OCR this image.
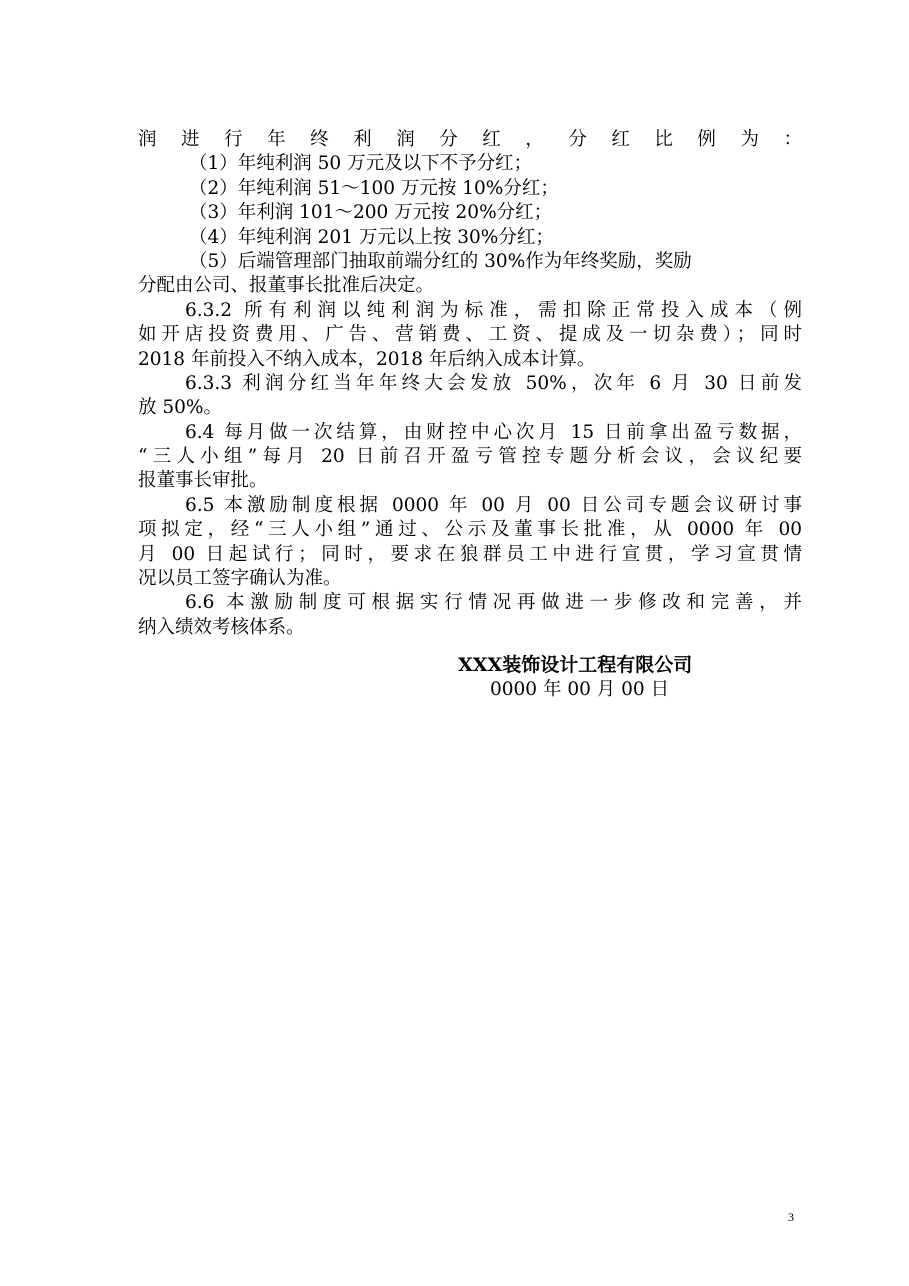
润进行年终利润分红，分红比例为：
（1）年纯利润 50 万元及以下不予分红；
（2）年纯利润 51～100 万元按 10%分红；
（3）年利润 101～200 万元按 20%分红；
（4）年纯利润 201 万元以上按 30%分红；
（5）后端管理部门抽取前端分红的 30%作为年终奖励，奖励
分配由公司、报董事长批准后决定。
6.3.2 所有利润以纯利润为标准，需扣除正常投入成本（例
如开店投资费用、广告、营销费、工资、提成及一切杂费）；同时
2018 年前投入不纳入成本，2018 年后纳入成本计算。
6.3.3 利润分红当年年终大会发放 50%，次年 6 月 30 日前发
放 50%。
6.4 每月做一次结算，由财控中心次月 15 日前拿出盈亏数据，
“三人小组”每月 20 日前召开盈亏管控专题分析会议，会议纪要
报董事长审批。
6.5 本激励制度根据 0000 年 00 月 00 日公司专题会议研讨事
项拟定，经“三人小组”通过、公示及董事长批准，从 0000 年 00
月 00 日起试行；同时，要求在狼群员工中进行宣贯，学习宣贯情
况以员工签字确认为准。
6.6 本激励制度可根据实行情况再做进一步修改和完善，并
纳入绩效考核体系。
XXX装饰设计工程有限公司
0000 年 00 月 00 日
3
